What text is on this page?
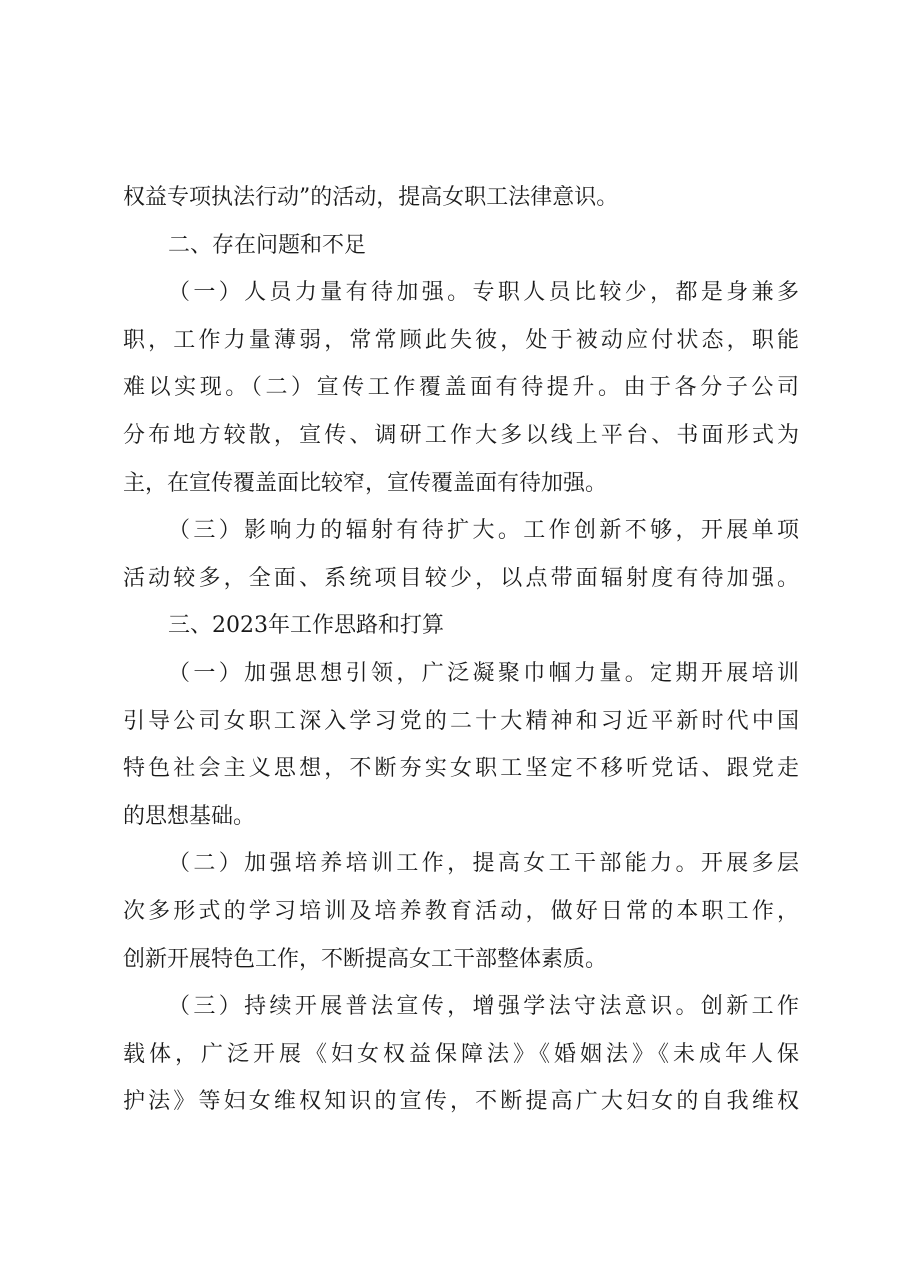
权益专项执法行动”的活动，提高女职工法律意识。
二、存在问题和不足
（一）人员力量有待加强。专职人员比较少，都是身兼多
职，工作力量薄弱，常常顾此失彼，处于被动应付状态，职能
难以实现。（二）宣传工作覆盖面有待提升。由于各分子公司
分布地方较散，宣传、调研工作大多以线上平台、书面形式为
主，在宣传覆盖面比较窄，宣传覆盖面有待加强。
（三）影响力的辐射有待扩大。工作创新不够，开展单项
活动较多，全面、系统项目较少，以点带面辐射度有待加强。
三、2023年工作思路和打算
（一）加强思想引领，广泛凝聚巾帼力量。定期开展培训
引导公司女职工深入学习党的二十大精神和习近平新时代中国
特色社会主义思想，不断夯实女职工坚定不移听党话、跟党走
的思想基础。
（二）加强培养培训工作，提高女工干部能力。开展多层
次多形式的学习培训及培养教育活动，做好日常的本职工作，
创新开展特色工作，不断提高女工干部整体素质。
（三）持续开展普法宣传，增强学法守法意识。创新工作
载体，广泛开展《妇女权益保障法》《婚姻法》《未成年人保
护法》等妇女维权知识的宣传，不断提高广大妇女的自我维权
